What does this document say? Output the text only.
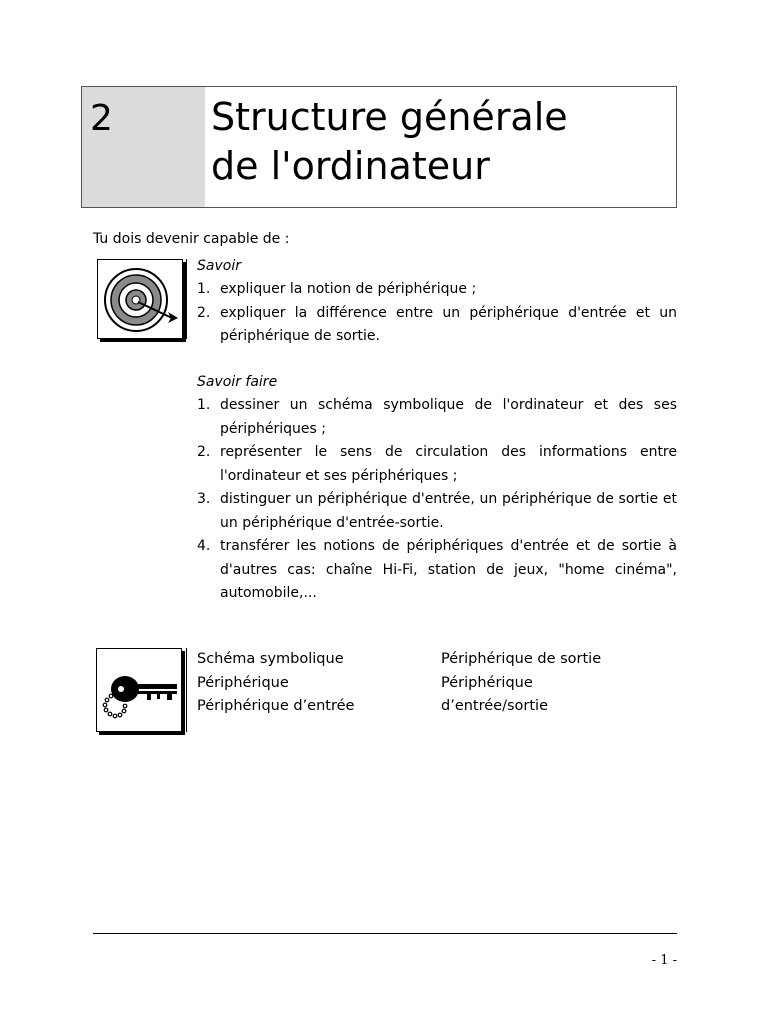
2	Structure générale
de l'ordinateur
Tu dois devenir capable de :
Savoir
1. expliquer la notion de périphérique ;
2. expliquer la différence entre un périphérique d'entrée et un périphérique de sortie.
Savoir faire
1. dessiner un schéma symbolique de l'ordinateur et des ses périphériques ;
2. représenter le sens de circulation des informations entre l'ordinateur et ses périphériques ;
3. distinguer un périphérique d'entrée, un périphérique de sortie et un périphérique d'entrée-sortie.
4. transférer les notions de périphériques d'entrée et de sortie à d'autres cas: chaîne Hi-Fi, station de jeux, "home cinéma", automobile,...
Schéma symbolique
Périphérique
Périphérique d’entrée
Périphérique de sortie
Périphérique
d’entrée/sortie
- 1 -
